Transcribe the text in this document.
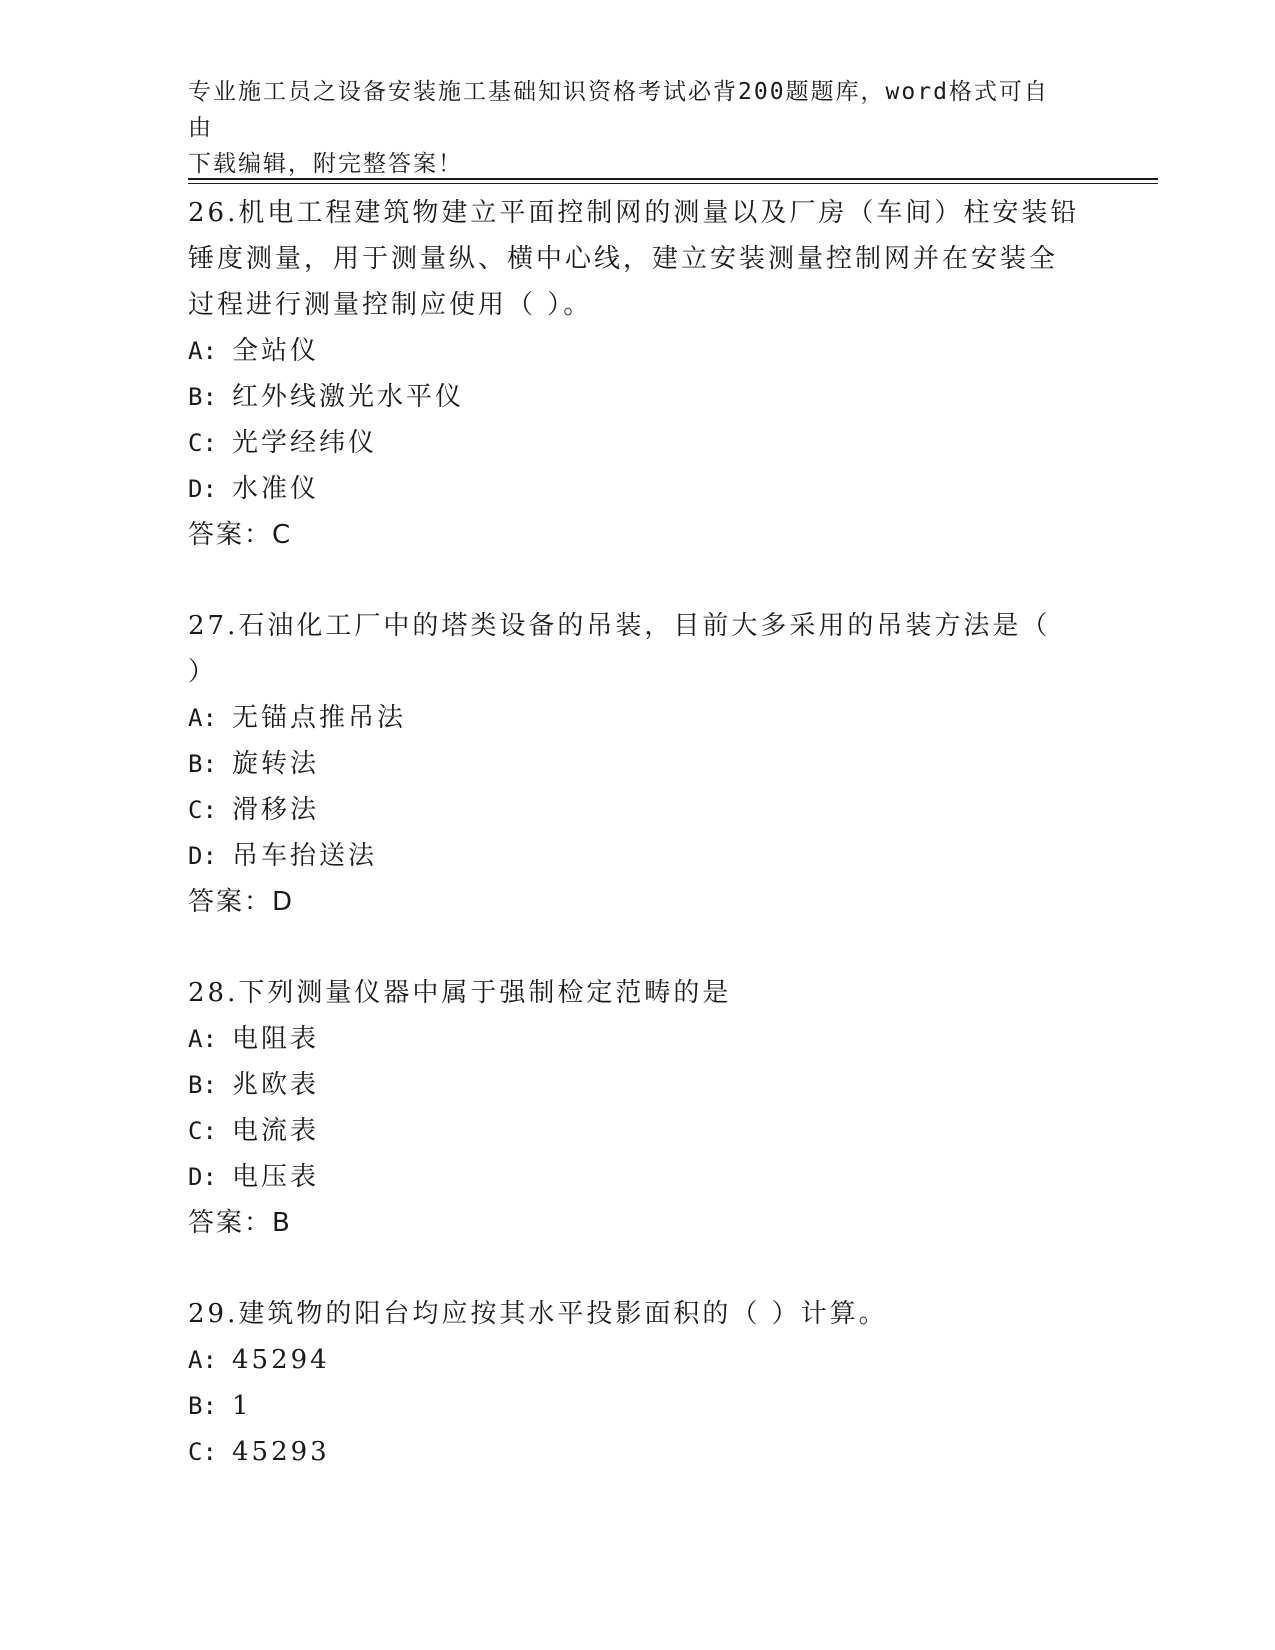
专业施工员之设备安装施工基础知识资格考试必背200题题库，word格式可自由
下载编辑，附完整答案！

26.机电工程建筑物建立平面控制网的测量以及厂房（车间）柱安装铅

锤度测量，用于测量纵、横中心线，建立安装测量控制网并在安装全

过程进行测量控制应使用（ ）。

A: 全站仪

B: 红外线激光水平仪

C: 光学经纬仪

D: 水准仪

答案：C

27.石油化工厂中的塔类设备的吊装，目前大多采用的吊装方法是（

）

A: 无锚点推吊法

B: 旋转法

C: 滑移法

D: 吊车抬送法

答案：D

28.下列测量仪器中属于强制检定范畴的是

A: 电阻表

B: 兆欧表

C: 电流表

D: 电压表

答案：B

29.建筑物的阳台均应按其水平投影面积的（ ）计算。

A: 45294

B: 1

C: 45293
